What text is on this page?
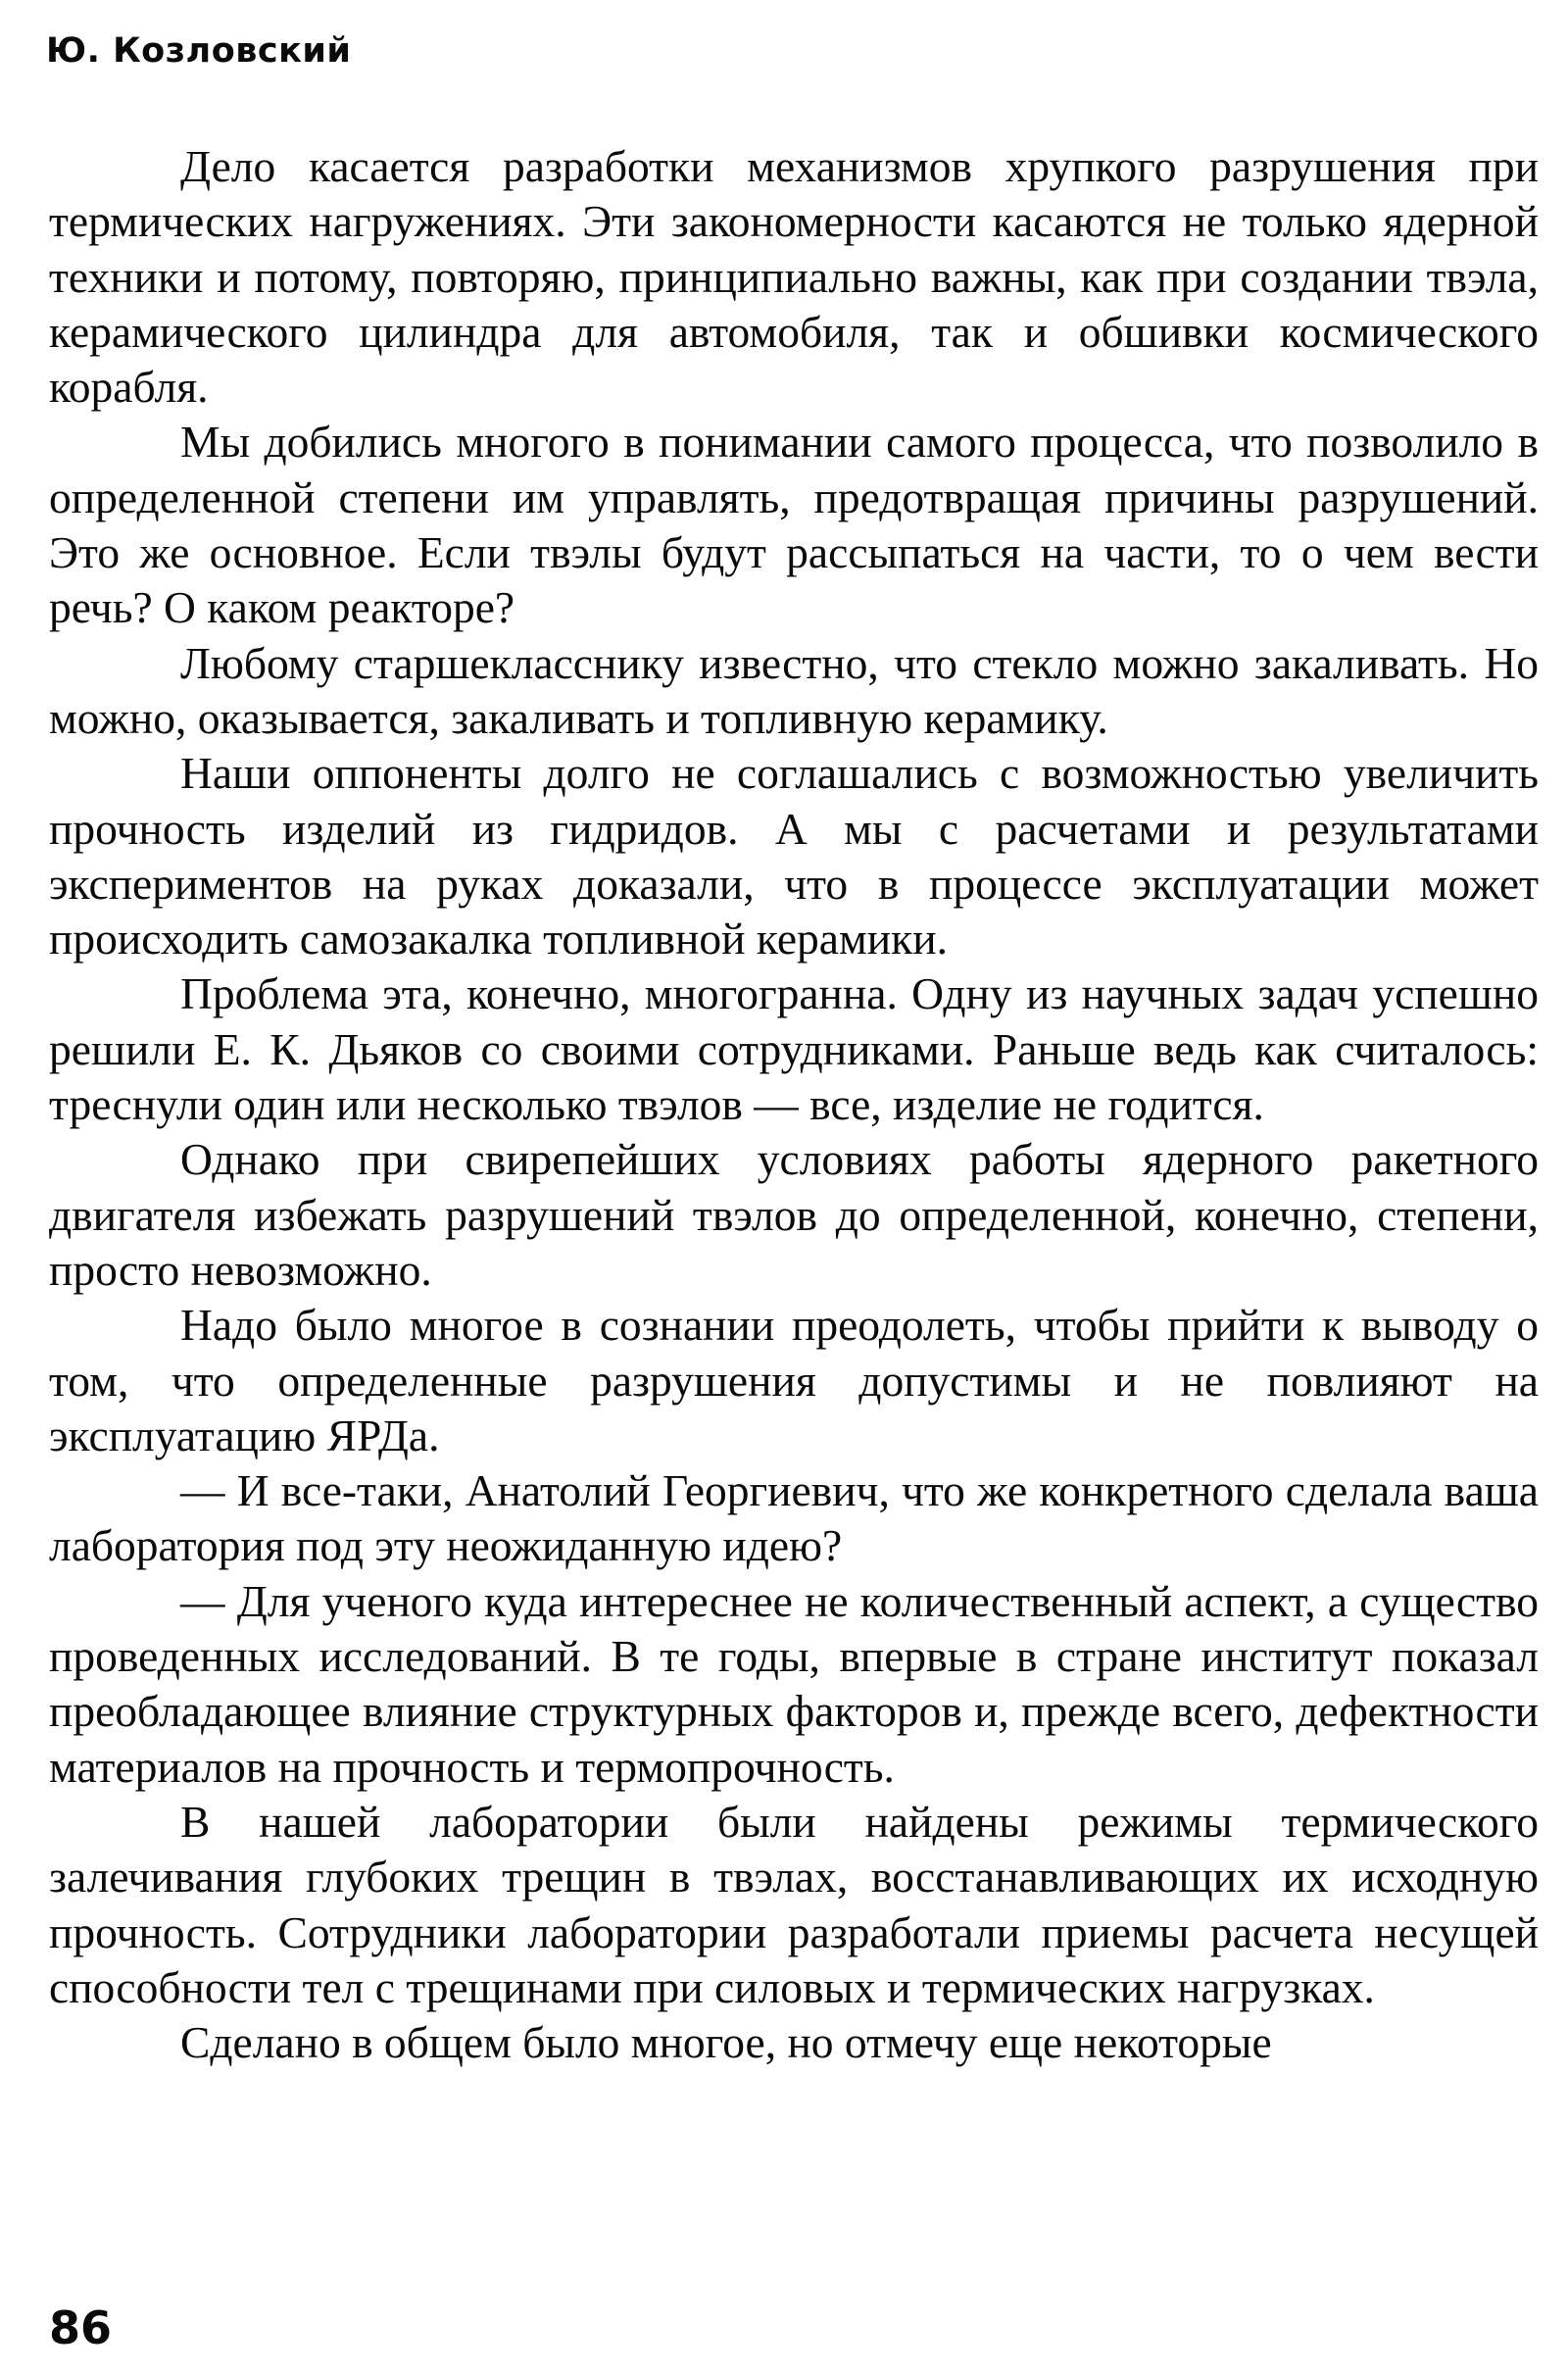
Ю. Козловский

Дело касается разработки механизмов хрупкого разрушения при термических нагружениях. Эти закономерности касаются не только ядерной техники и потому, повторяю, принципиально важны, как при создании твэла, керамического цилиндра для автомобиля, так и обшивки космического корабля.

Мы добились многого в понимании самого процесса, что позволило в определенной степени им управлять, предотвращая причины разрушений. Это же основное. Если твэлы будут рассыпаться на части, то о чем вести речь? О каком реакторе?

Любому старшекласснику известно, что стекло можно закаливать. Но можно, оказывается, закаливать и топливную керамику.

Наши оппоненты долго не соглашались с возможностью увеличить прочность изделий из гидридов. А мы с расчетами и результатами экспериментов на руках доказали, что в процессе эксплуатации может происходить самозакалка топливной керамики.

Проблема эта, конечно, многогранна. Одну из научных задач успешно решили Е. К. Дьяков со своими сотрудниками. Раньше ведь как считалось: треснули один или несколько твэлов — все, изделие не годится.

Однако при свирепейших условиях работы ядерного ракетного двигателя избежать разрушений твэлов до определенной, конечно, степени, просто невозможно.

Надо было многое в сознании преодолеть, чтобы прийти к выводу о том, что определенные разрушения допустимы и не повлияют на эксплуатацию ЯРДа.

— И все-таки, Анатолий Георгиевич, что же конкретного сделала ваша лаборатория под эту неожиданную идею?

— Для ученого куда интереснее не количественный аспект, а существо проведенных исследований. В те годы, впервые в стране институт показал преобладающее влияние структурных факторов и, прежде всего, дефектности материалов на прочность и термопрочность.

В нашей лаборатории были найдены режимы термического залечивания глубоких трещин в твэлах, восстанавливающих их исходную прочность. Сотрудники лаборатории разработали приемы расчета несущей способности тел с трещинами при силовых и термических нагрузках.

Сделано в общем было многое, но отмечу еще некоторые

86
